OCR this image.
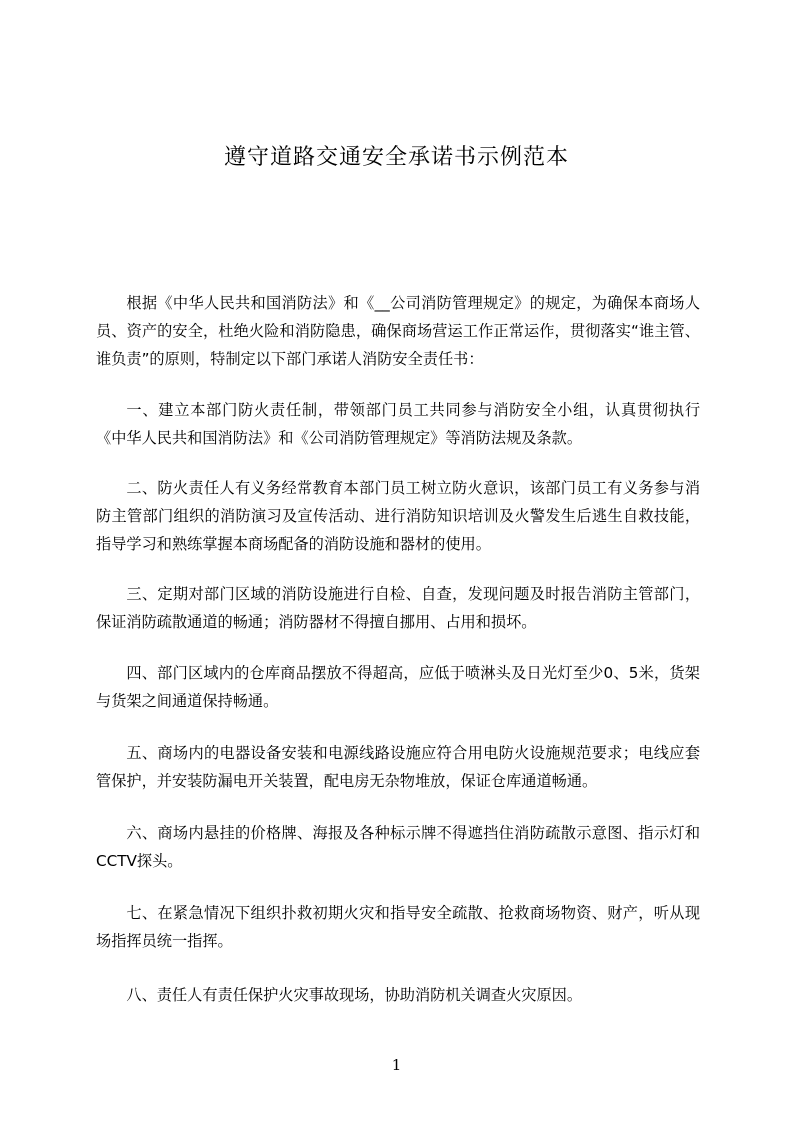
遵守道路交通安全承诺书示例范本

根据《中华人民共和国消防法》和《__公司消防管理规定》的规定，为确保本商场人员、资产的安全，杜绝火险和消防隐患，确保商场营运工作正常运作，贯彻落实“谁主管、谁负责”的原则，特制定以下部门承诺人消防安全责任书：

一、建立本部门防火责任制，带领部门员工共同参与消防安全小组，认真贯彻执行《中华人民共和国消防法》和《公司消防管理规定》等消防法规及条款。

二、防火责任人有义务经常教育本部门员工树立防火意识，该部门员工有义务参与消防主管部门组织的消防演习及宣传活动、进行消防知识培训及火警发生后逃生自救技能，指导学习和熟练掌握本商场配备的消防设施和器材的使用。

三、定期对部门区域的消防设施进行自检、自查，发现问题及时报告消防主管部门，保证消防疏散通道的畅通；消防器材不得擅自挪用、占用和损坏。

四、部门区域内的仓库商品摆放不得超高，应低于喷淋头及日光灯至少0、5米，货架与货架之间通道保持畅通。

五、商场内的电器设备安装和电源线路设施应符合用电防火设施规范要求；电线应套管保护，并安装防漏电开关装置，配电房无杂物堆放，保证仓库通道畅通。

六、商场内悬挂的价格牌、海报及各种标示牌不得遮挡住消防疏散示意图、指示灯和CCTV探头。

七、在紧急情况下组织扑救初期火灾和指导安全疏散、抢救商场物资、财产，听从现场指挥员统一指挥。

八、责任人有责任保护火灾事故现场，协助消防机关调查火灾原因。

1
